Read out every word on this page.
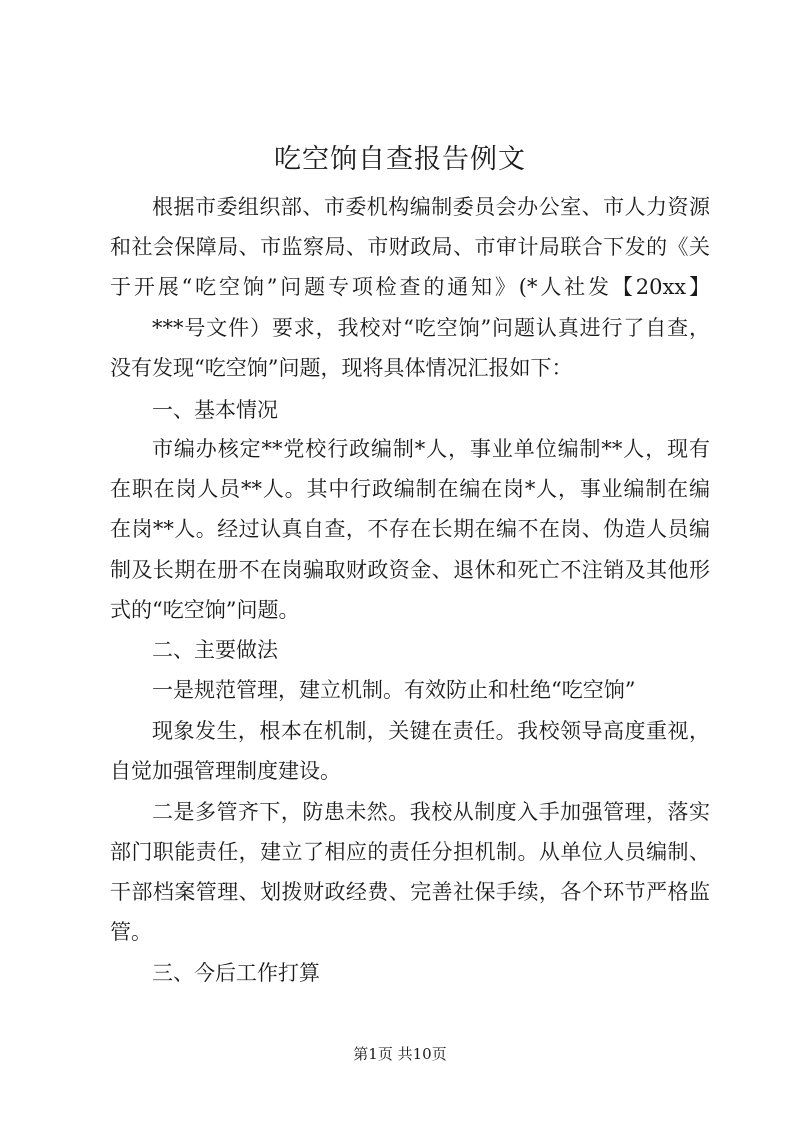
吃空饷自查报告例文

根据市委组织部、市委机构编制委员会办公室、市人力资源

和社会保障局、市监察局、市财政局、市审计局联合下发的《关

于开展“吃空饷”问题专项检查的通知》(*人社发【20xx】

***号文件）要求，我校对“吃空饷”问题认真进行了自查，

没有发现“吃空饷”问题，现将具体情况汇报如下：

一、基本情况

市编办核定**党校行政编制*人，事业单位编制**人，现有

在职在岗人员**人。其中行政编制在编在岗*人，事业编制在编

在岗**人。经过认真自查，不存在长期在编不在岗、伪造人员编

制及长期在册不在岗骗取财政资金、退休和死亡不注销及其他形

式的“吃空饷”问题。

二、主要做法

一是规范管理，建立机制。有效防止和杜绝“吃空饷”

现象发生，根本在机制，关键在责任。我校领导高度重视，

自觉加强管理制度建设。

二是多管齐下，防患未然。我校从制度入手加强管理，落实

部门职能责任，建立了相应的责任分担机制。从单位人员编制、

干部档案管理、划拨财政经费、完善社保手续，各个环节严格监

管。

三、今后工作打算

第1页 共10页
